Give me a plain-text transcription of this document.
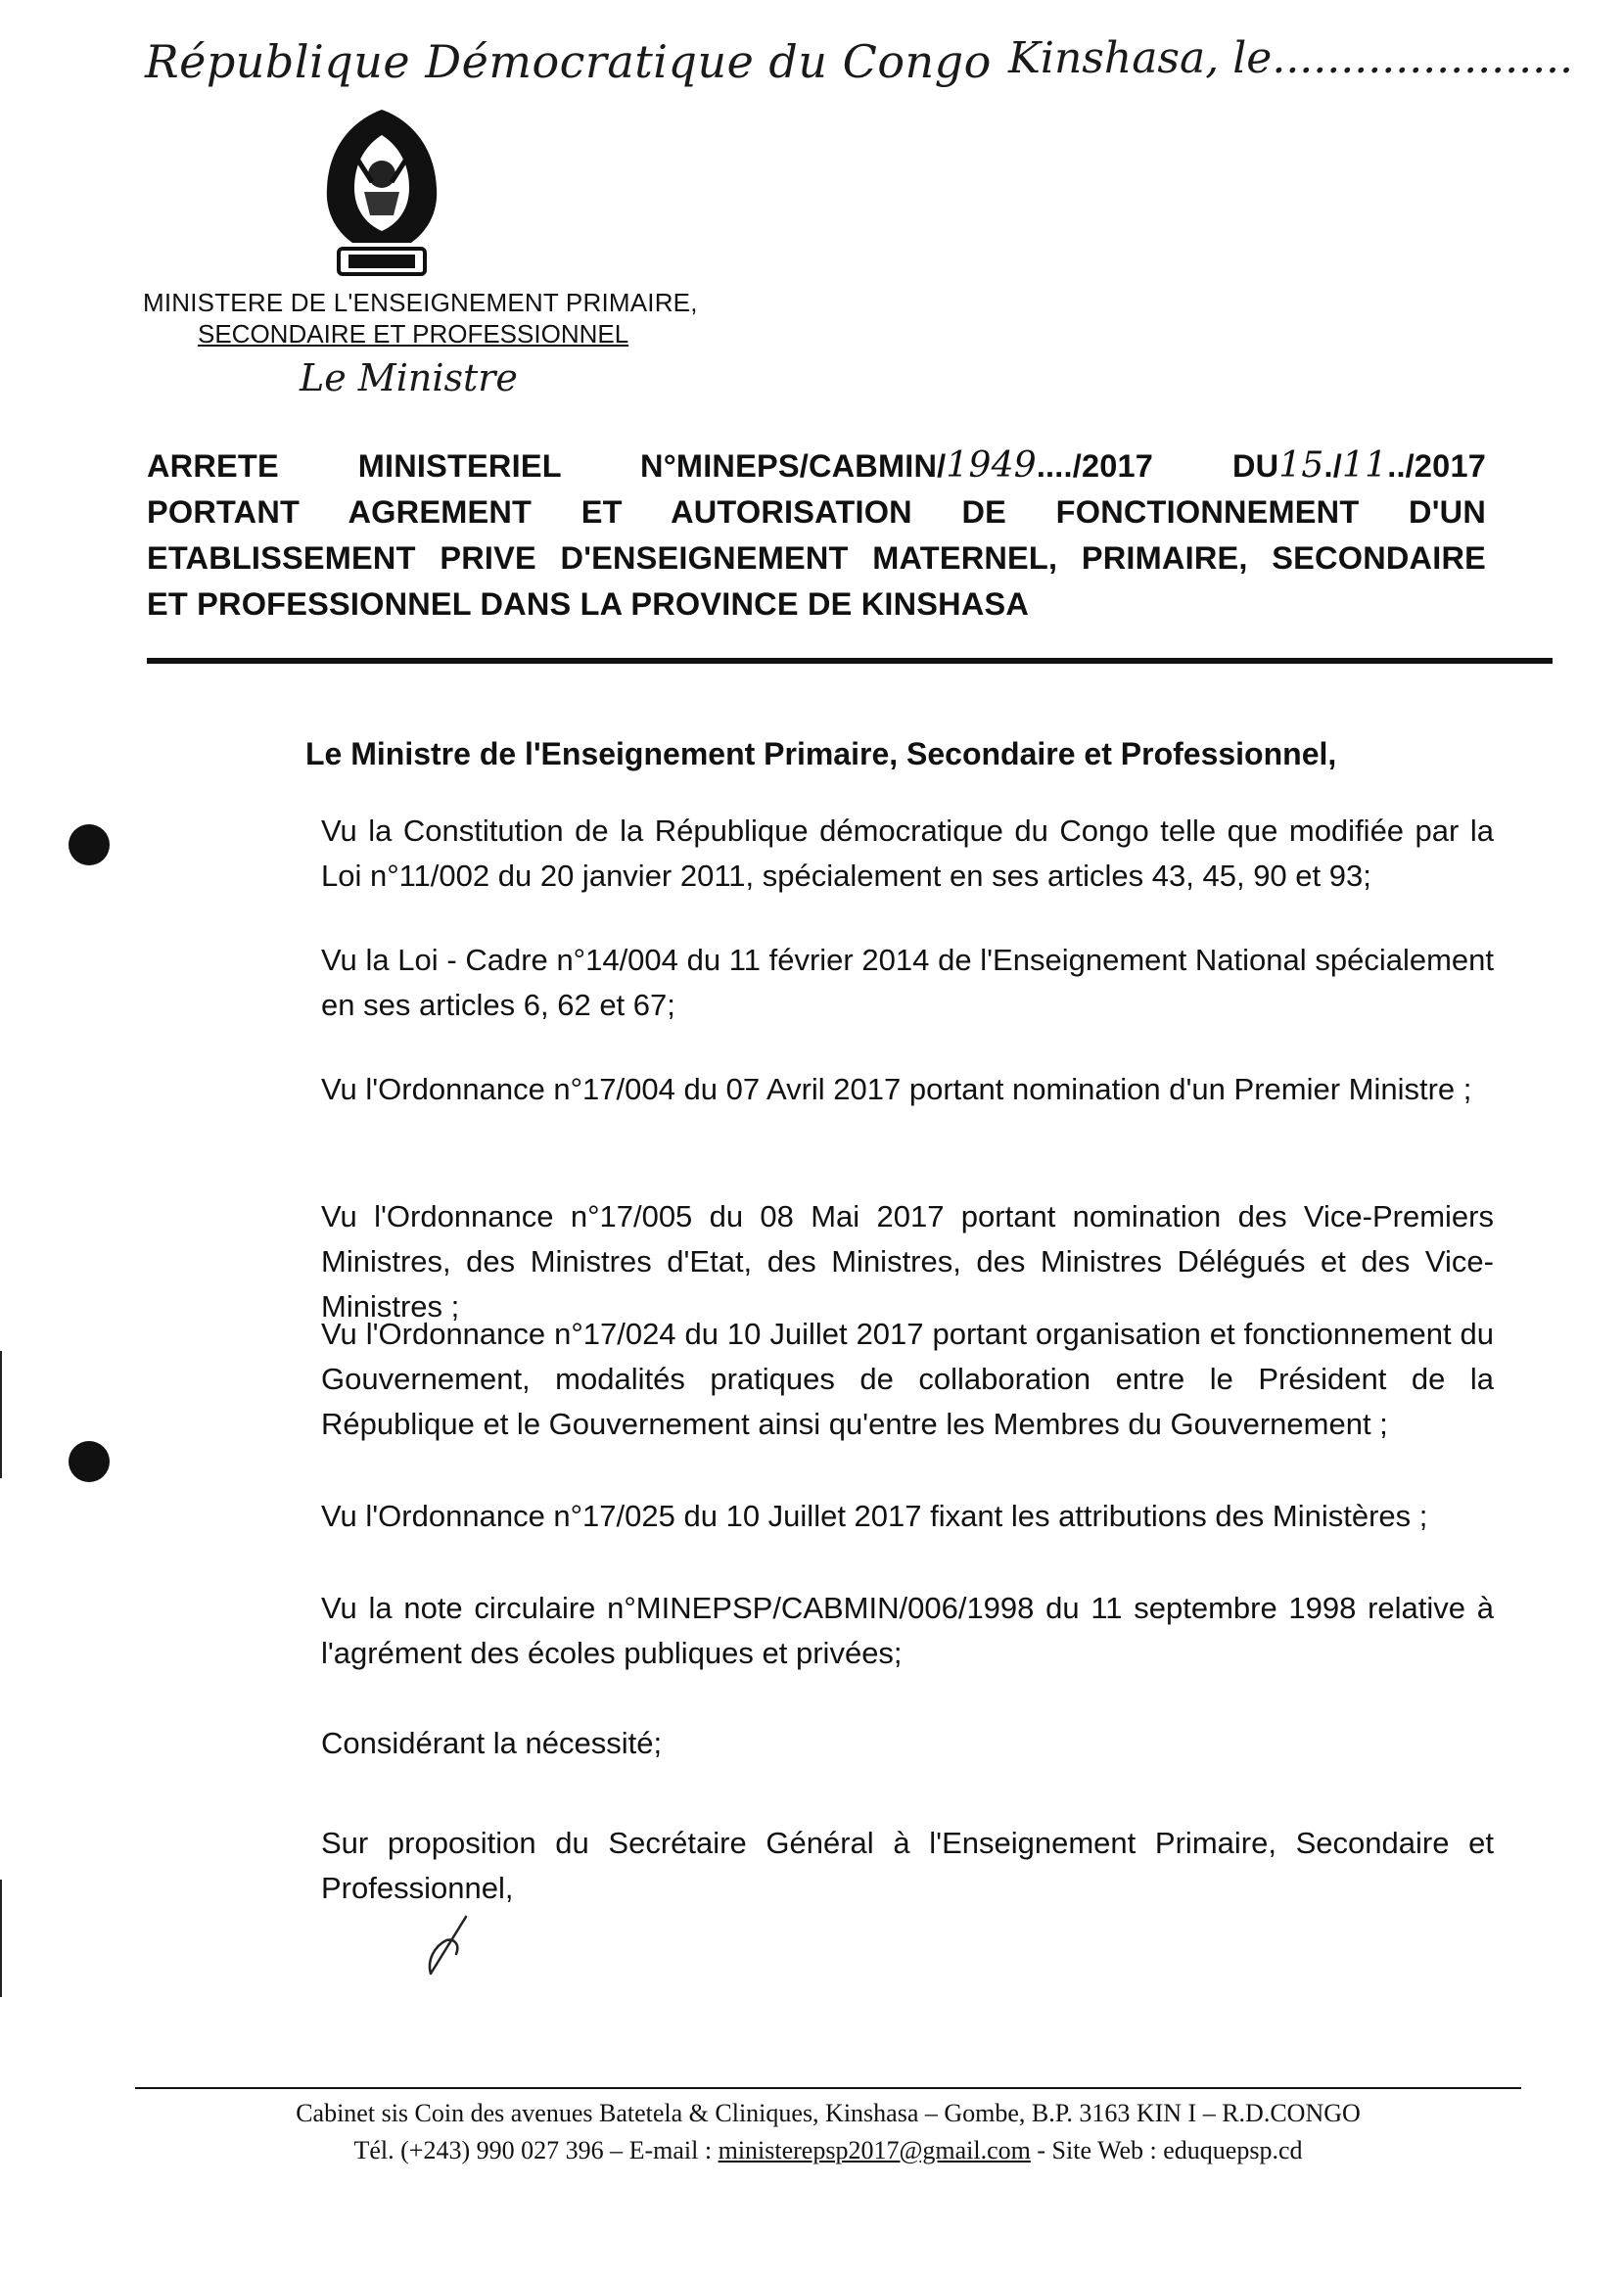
République Démocratique du Congo Kinshasa, le......................
MINISTERE DE L'ENSEIGNEMENT PRIMAIRE,
SECONDAIRE ET PROFESSIONNEL
Le Ministre
ARRETE MINISTERIEL N°MINEPS/CABMIN/1949..../2017 DU15./11../2017
PORTANT AGREMENT ET AUTORISATION DE FONCTIONNEMENT D'UN
ETABLISSEMENT PRIVE D'ENSEIGNEMENT MATERNEL, PRIMAIRE, SECONDAIRE
ET PROFESSIONNEL DANS LA PROVINCE DE KINSHASA
Le Ministre de l'Enseignement Primaire, Secondaire et Professionnel,
Vu la Constitution de la République démocratique du Congo telle que modifiée par la Loi n°11/002 du 20 janvier 2011, spécialement en ses articles 43, 45, 90 et 93;
Vu la Loi - Cadre n°14/004 du 11 février 2014 de l'Enseignement National spécialement en ses articles 6, 62 et 67;
Vu l'Ordonnance n°17/004 du 07 Avril 2017 portant nomination d'un Premier Ministre ;
Vu l'Ordonnance n°17/005 du 08 Mai 2017 portant nomination des Vice-Premiers Ministres, des Ministres d'Etat, des Ministres, des Ministres Délégués et des Vice-Ministres ;
Vu l'Ordonnance n°17/024 du 10 Juillet 2017 portant organisation et fonctionnement du Gouvernement, modalités pratiques de collaboration entre le Président de la République et le Gouvernement ainsi qu'entre les Membres du Gouvernement ;
Vu l'Ordonnance n°17/025 du 10 Juillet 2017 fixant les attributions des Ministères ;
Vu la note circulaire n°MINEPSP/CABMIN/006/1998 du 11 septembre 1998 relative à l'agrément des écoles publiques et privées;
Considérant la nécessité;
Sur proposition du Secrétaire Général à l'Enseignement Primaire, Secondaire et Professionnel,
Cabinet sis Coin des avenues Batetela & Cliniques, Kinshasa – Gombe, B.P. 3163 KIN I – R.D.CONGO
Tél. (+243) 990 027 396 – E-mail : ministerepsp2017@gmail.com - Site Web : eduquepsp.cd
